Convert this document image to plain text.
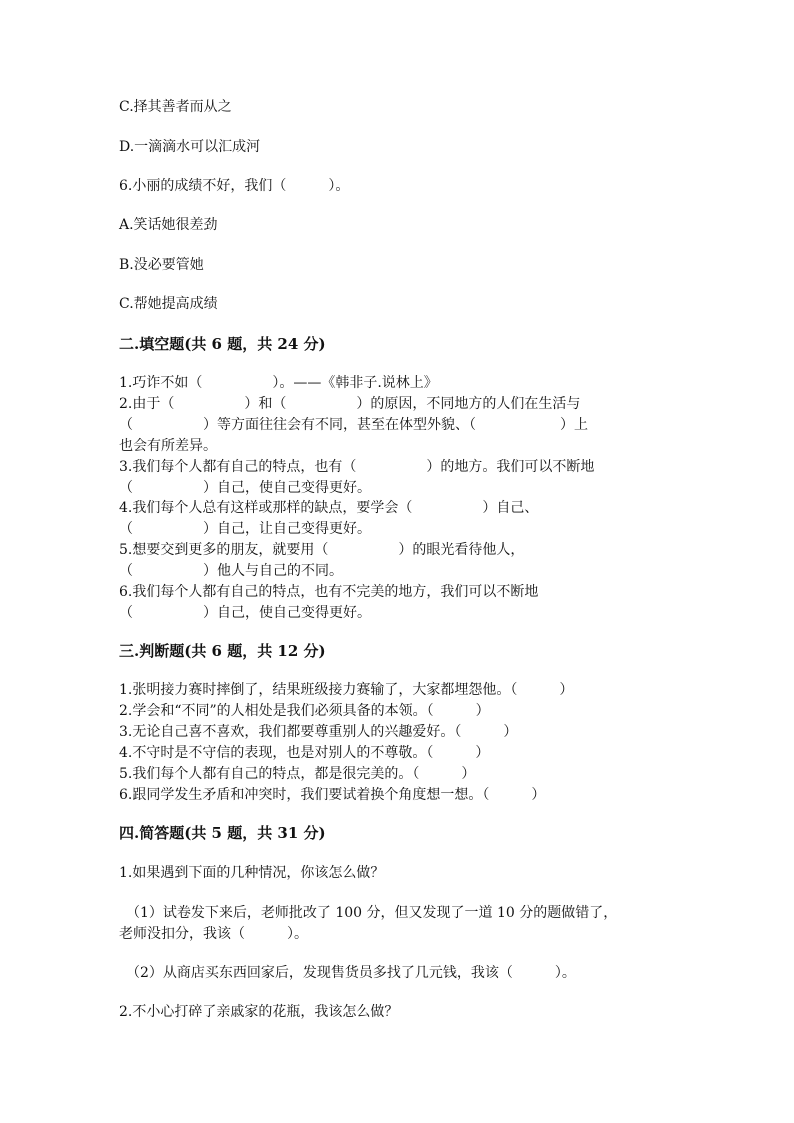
C.择其善者而从之
D.一滴滴水可以汇成河
6.小丽的成绩不好，我们（　　　）。
A.笑话她很差劲
B.没必要管她
C.帮她提高成绩
二.填空题(共 6 题，共 24 分)
1.巧诈不如（　　　　　）。——《韩非子.说林上》
2.由于（　　　　　）和（　　　　　）的原因，不同地方的人们在生活与
（　　　　　）等方面往往会有不同，甚至在体型外貌、（　　　　　　）上
也会有所差异。
3.我们每个人都有自己的特点，也有（　　　　　）的地方。我们可以不断地
（　　　　　）自己，使自己变得更好。
4.我们每个人总有这样或那样的缺点，要学会（　　　　　）自己、
（　　　　　）自己，让自己变得更好。
5.想要交到更多的朋友，就要用（　　　　　）的眼光看待他人，
（　　　　　）他人与自己的不同。
6.我们每个人都有自己的特点，也有不完美的地方，我们可以不断地
（　　　　　）自己，使自己变得更好。
三.判断题(共 6 题，共 12 分)
1.张明接力赛时摔倒了，结果班级接力赛输了，大家都埋怨他。（　　　）
2.学会和“不同”的人相处是我们必须具备的本领。（　　　）
3.无论自己喜不喜欢，我们都要尊重别人的兴趣爱好。（　　　）
4.不守时是不守信的表现，也是对别人的不尊敬。（　　　）
5.我们每个人都有自己的特点，都是很完美的。（　　　）
6.跟同学发生矛盾和冲突时，我们要试着换个角度想一想。（　　　）
四.简答题(共 5 题，共 31 分)
1.如果遇到下面的几种情况，你该怎么做？
（1）试卷发下来后，老师批改了 100 分，但又发现了一道 10 分的题做错了，
老师没扣分，我该（　　　）。
（2）从商店买东西回家后，发现售货员多找了几元钱，我该（　　　）。
2.不小心打碎了亲戚家的花瓶，我该怎么做？
